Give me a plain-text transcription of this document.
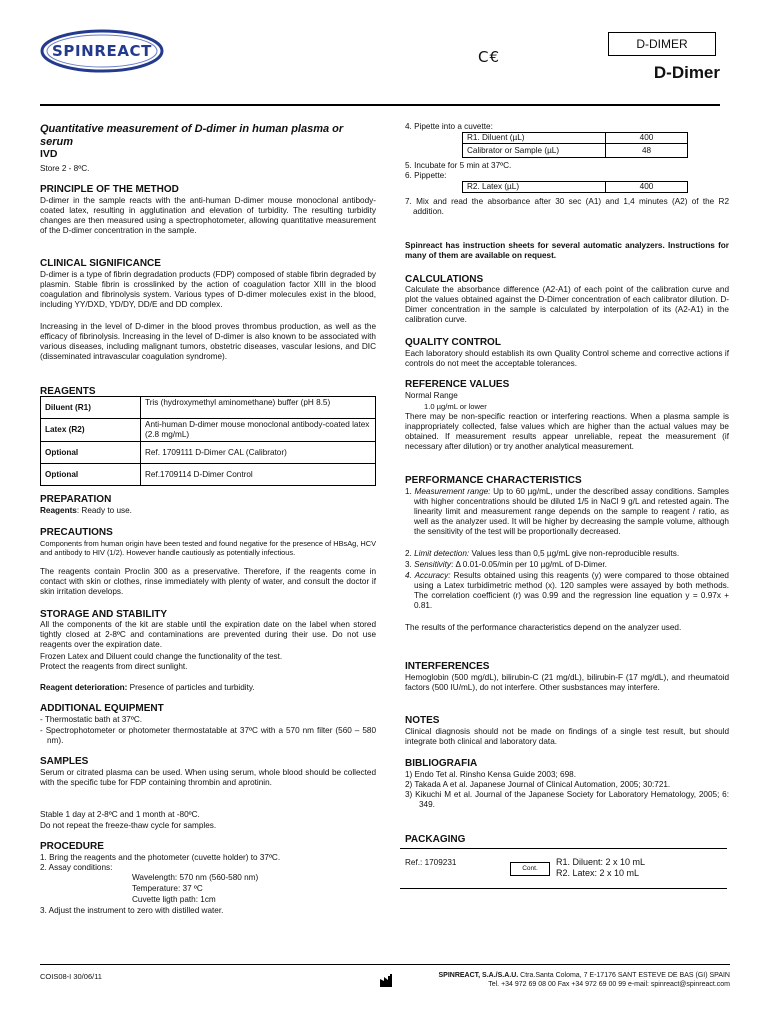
SPINREACT	C€
D-DIMER
D-Dimer
Quantitative measurement of D-dimer in human plasma or serum
IVD
Store 2 - 8ºC.
PRINCIPLE OF THE METHOD
D-dimer in the sample reacts with the anti-human D-dimer mouse monoclonal antibody-coated latex, resulting in agglutination and elevation of turbidity. The resulting turbidity changes are then measured using a spectrophotometer, allowing quantitative measurement of the D-dimer concentration in the sample.
CLINICAL SIGNIFICANCE
D-dimer is a type of fibrin degradation products (FDP) composed of stable fibrin degraded by plasmin. Stable fibrin is crosslinked by the action of coagulation factor XIII in the blood coagulation and fibrinolysis system. Various types of D-dimer molecules exist in the blood, including YY/DXD, YD/DY, DD/E and DD complex.
Increasing in the level of D-dimer in the blood proves thrombus production, as well as the efficacy of fibrinolysis. Increasing in the level of D-dimer is also known to be associated with various diseases, including malignant tumors, obstetric diseases, vascular lesions, and DIC (disseminated intravascular coagulation syndrome).
REAGENTS
Diluent (R1)	Tris (hydroxymethyl aminomethane) buffer (pH 8.5)
Latex (R2)	Anti-human D-dimer mouse monoclonal antibody-coated latex (2.8 mg/mL)
Optional	Ref. 1709111 D-Dimer CAL (Calibrator)
Optional	Ref.1709114 D-Dimer Control
PREPARATION
Reagents: Ready to use.
PRECAUTIONS
Components from human origin have been tested and found negative for the presence of HBsAg, HCV and antibody to HIV (1/2). However handle cautiously as potentially infectious.
The reagents contain Proclin 300 as a preservative. Therefore, if the reagents come in contact with skin or clothes, rinse immediately with plenty of water, and consult the doctor if skin irritation develops.
STORAGE AND STABILITY
All the components of the kit are stable until the expiration date on the label when stored tightly closed at 2-8ºC and contaminations are prevented during their use. Do not use reagents over the expiration date.
Frozen Latex and Diluent could change the functionality of the test.
Protect the reagents from direct sunlight.
Reagent deterioration: Presence of particles and turbidity.
ADDITIONAL EQUIPMENT
- Thermostatic bath at 37ºC.
- Spectrophotometer or photometer thermostatable at 37ºC with a 570 nm filter (560 – 580 nm).
SAMPLES
Serum or citrated plasma can be used. When using serum, whole blood should be collected with the specific tube for FDP containing thrombin and aprotinin.
Stable 1 day at 2-8ºC and 1 month at -80ºC.
Do not repeat the freeze-thaw cycle for samples.
PROCEDURE
1. Bring the reagents and the photometer (cuvette holder) to 37ºC.
2. Assay conditions:
Wavelength: 570 nm (560-580 nm)
Temperature: 37 ºC
Cuvette ligth path: 1cm
3. Adjust the instrument to zero with distilled water.
4. Pipette into a cuvette:
R1. Diluent (µL)	400
Calibrator or Sample (µL)	48
5. Incubate for 5 min at 37ºC.
6. Pippette:
R2. Latex (µL)	400
7. Mix and read the absorbance after 30 sec (A1) and 1,4 minutes (A2) of the R2 addition.
Spinreact has instruction sheets for several automatic analyzers. Instructions for many of them are available on request.
CALCULATIONS
Calculate the absorbance difference (A2-A1) of each point of the calibration curve and plot the values obtained against the D-Dimer concentration of each calibrator dilution. D-Dimer concentration in the sample is calculated by interpolation of its (A2-A1) in the calibration curve.
QUALITY CONTROL
Each laboratory should establish its own Quality Control scheme and corrective actions if controls do not meet the acceptable tolerances.
REFERENCE VALUES
Normal Range
1.0 µg/mL or lower
There may be non-specific reaction or interfering reactions. When a plasma sample is inappropriately collected, false values which are higher than the actual values may be obtained. If measurement results appear unreliable, repeat the measurement (if necessary after dilution) or try another analytical measurement.
PERFORMANCE CHARACTERISTICS
1. Measurement range: Up to 60 µg/mL, under the described assay conditions. Samples with higher concentrations should be diluted 1/5 in NaCl 9 g/L and retested again. The linearity limit and measurement range depends on the sample to reagent / ratio, as well as the analyzer used. It will be higher by decreasing the sample volume, although the sensitivity of the test will be proportionally decreased.
2. Limit detection: Values less than 0,5 µg/mL give non-reproducible results.
3. Sensitivity: Δ 0.01-0.05/min per 10 µg/mL of D-Dimer.
4. Accuracy: Results obtained using this reagents (y) were compared to those obtained using a Latex turbidimetric method (x). 120 samples were assayed by both methods. The correlation coefficient (r) was 0.99 and the regression line equation y = 0.97x + 0.81.
The results of the performance characteristics depend on the analyzer used.
INTERFERENCES
Hemoglobin (500 mg/dL), bilirubin-C (21 mg/dL), bilirubin-F (17 mg/dL), and rheumatoid factors (500 IU/mL), do not interfere. Other susbstances may interfere.
NOTES
Clinical diagnosis should not be made on findings of a single test result, but should integrate both clinical and laboratory data.
BIBLIOGRAFIA
1) Endo Tet al. Rinsho Kensa Guide 2003; 698.
2) Takada A et al. Japanese Journal of Clinical Automation, 2005; 30:721.
3) Kikuchi M et al. Journal of the Japanese Society for Laboratory Hematology, 2005; 6: 349.
PACKAGING
Ref.: 1709231
Cont.
R1. Diluent: 2 x 10 mL
R2. Latex: 2 x 10 mL
COIS08-I 30/06/11	SPINREACT, S.A./S.A.U. Ctra.Santa Coloma, 7 E-17176 SANT ESTEVE DE BAS (GI) SPAIN
Tel. +34 972 69 08 00 Fax +34 972 69 00 99 e-mail: spinreact@spinreact.com
